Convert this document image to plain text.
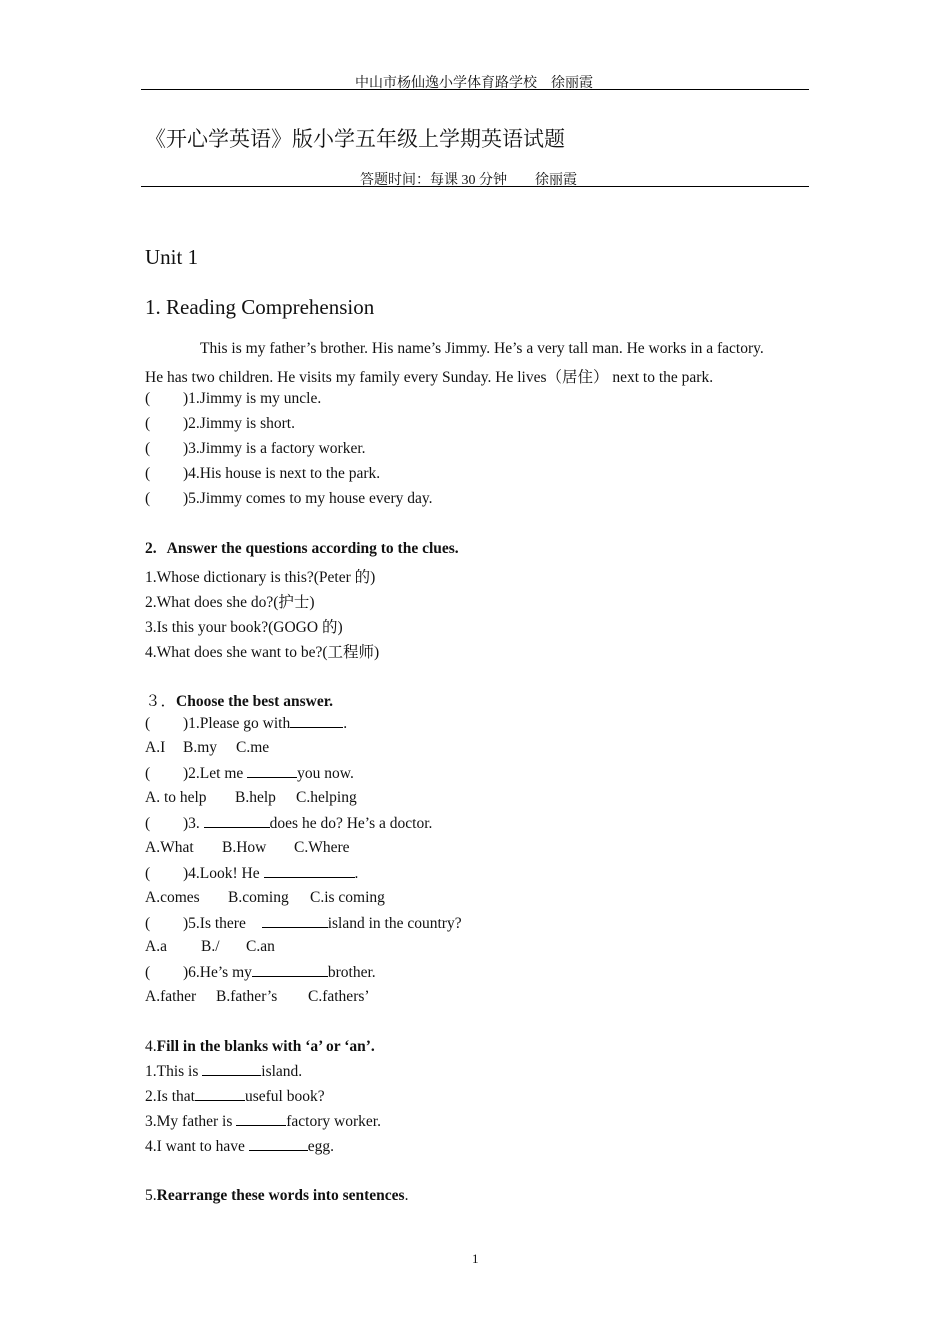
中山市杨仙逸小学体育路学校　徐丽霞
《开心学英语》版小学五年级上学期英语试题
答题时间：每课 30 分钟　　徐丽霞
Unit 1
1. Reading Comprehension
This is my father’s brother. His name’s Jimmy. He’s a very tall man. He works in a factory.
He has two children. He visits my family every Sunday. He lives（居住） next to the park.
( )1.Jimmy is my uncle.
( )2.Jimmy is short.
( )3.Jimmy is a factory worker.
( )4.His house is next to the park.
( )5.Jimmy comes to my house every day.
2. Answer the questions according to the clues.
1.Whose dictionary is this?(Peter 的)
2.What does she do?(护士)
3.Is this your book?(GOGO 的)
4.What does she want to be?(工程师)
３．Choose the best answer.
( )1.Please go with	.
A.I B.my C.me
( )2.Let me	you now.
A. to help B.help C.helping
( )3.	does he do? He’s a doctor.
A.What B.How C.Where
( )4.Look! He	.
A.comes B.coming C.is coming
( )5.Is there	island in the country?
A.a B./ C.an
( )6.He’s my	brother.
A.father B.father’s C.fathers’
4.Fill in the blanks with ‘a’ or ‘an’.
1.This is	island.
2.Is that	useful book?
3.My father is	factory worker.
4.I want to have	egg.
5.Rearrange these words into sentences.
1
